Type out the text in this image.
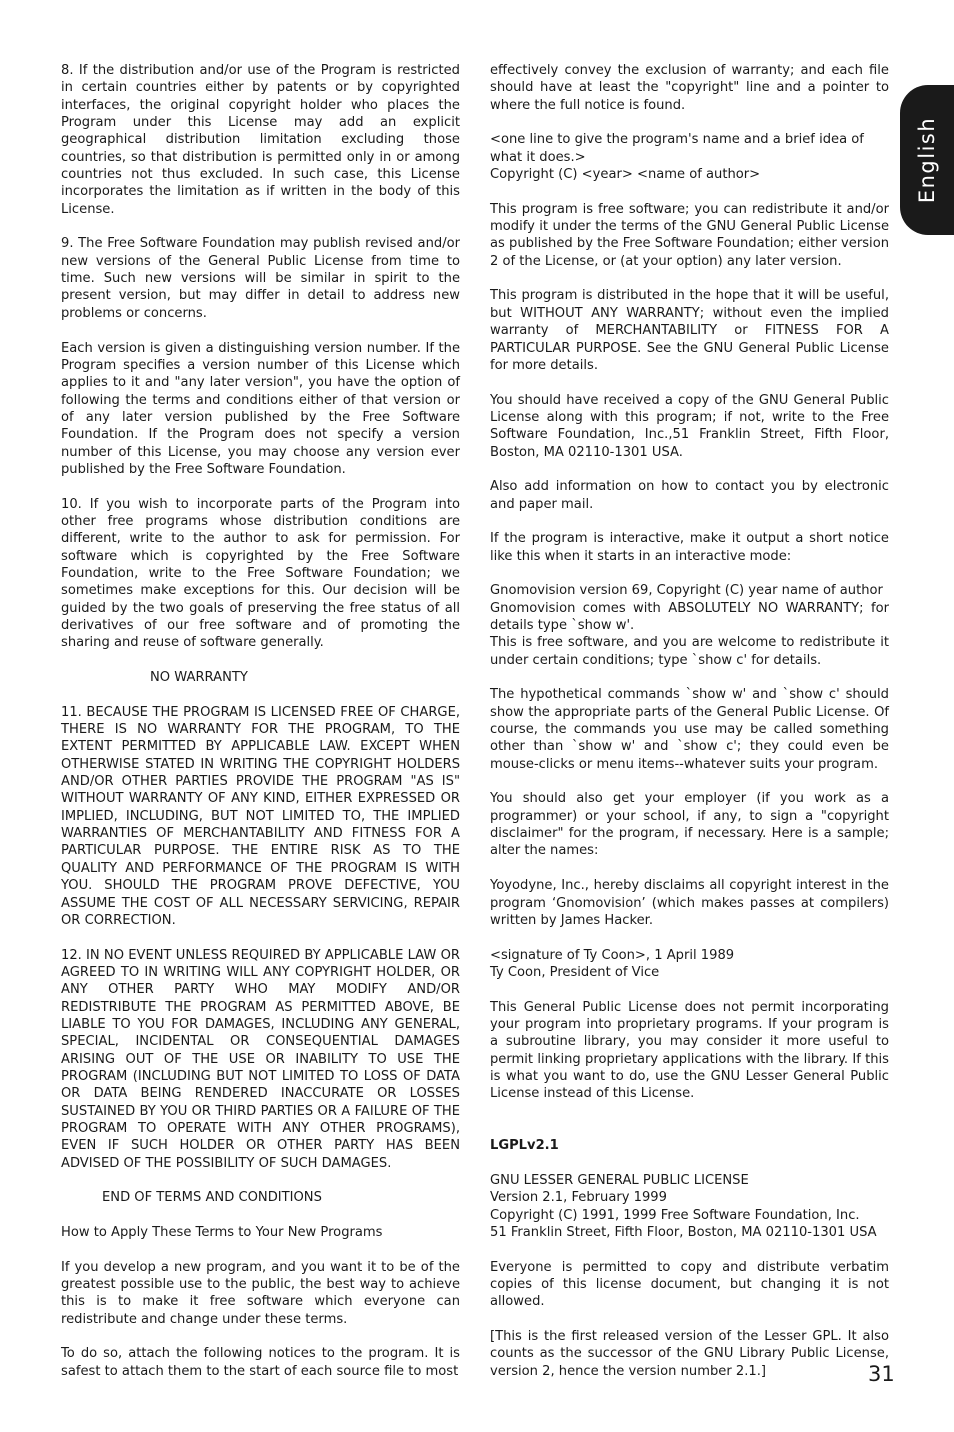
8. If the distribution and/or use of the Program is restricted in certain countries either by patents or by copyrighted interfaces, the original copyright holder who places the Program under this License may add an explicit geographical distribution limitation excluding those countries, so that distribution is permitted only in or among countries not thus excluded. In such case, this License incorporates the limitation as if written in the body of this License.

9. The Free Software Foundation may publish revised and/or new versions of the General Public License from time to time. Such new versions will be similar in spirit to the present version, but may differ in detail to address new problems or concerns.

Each version is given a distinguishing version number. If the Program specifies a version number of this License which applies to it and "any later version", you have the option of following the terms and conditions either of that version or of any later version published by the Free Software Foundation. If the Program does not specify a version number of this License, you may choose any version ever published by the Free Software Foundation.

10. If you wish to incorporate parts of the Program into other free programs whose distribution conditions are different, write to the author to ask for permission. For software which is copyrighted by the Free Software Foundation, write to the Free Software Foundation; we sometimes make exceptions for this. Our decision will be guided by the two goals of preserving the free status of all derivatives of our free software and of promoting the sharing and reuse of software generally.

NO WARRANTY

11. BECAUSE THE PROGRAM IS LICENSED FREE OF CHARGE, THERE IS NO WARRANTY FOR THE PROGRAM, TO THE EXTENT PERMITTED BY APPLICABLE LAW. EXCEPT WHEN OTHERWISE STATED IN WRITING THE COPYRIGHT HOLDERS AND/OR OTHER PARTIES PROVIDE THE PROGRAM "AS IS" WITHOUT WARRANTY OF ANY KIND, EITHER EXPRESSED OR IMPLIED, INCLUDING, BUT NOT LIMITED TO, THE IMPLIED WARRANTIES OF MERCHANTABILITY AND FITNESS FOR A PARTICULAR PURPOSE. THE ENTIRE RISK AS TO THE QUALITY AND PERFORMANCE OF THE PROGRAM IS WITH YOU. SHOULD THE PROGRAM PROVE DEFECTIVE, YOU ASSUME THE COST OF ALL NECESSARY SERVICING, REPAIR OR CORRECTION.

12. IN NO EVENT UNLESS REQUIRED BY APPLICABLE LAW OR AGREED TO IN WRITING WILL ANY COPYRIGHT HOLDER, OR ANY OTHER PARTY WHO MAY MODIFY AND/OR REDISTRIBUTE THE PROGRAM AS PERMITTED ABOVE, BE LIABLE TO YOU FOR DAMAGES, INCLUDING ANY GENERAL, SPECIAL, INCIDENTAL OR CONSEQUENTIAL DAMAGES ARISING OUT OF THE USE OR INABILITY TO USE THE PROGRAM (INCLUDING BUT NOT LIMITED TO LOSS OF DATA OR DATA BEING RENDERED INACCURATE OR LOSSES SUSTAINED BY YOU OR THIRD PARTIES OR A FAILURE OF THE PROGRAM TO OPERATE WITH ANY OTHER PROGRAMS), EVEN IF SUCH HOLDER OR OTHER PARTY HAS BEEN ADVISED OF THE POSSIBILITY OF SUCH DAMAGES.

END OF TERMS AND CONDITIONS

How to Apply These Terms to Your New Programs

If you develop a new program, and you want it to be of the greatest possible use to the public, the best way to achieve this is to make it free software which everyone can redistribute and change under these terms.

To do so, attach the following notices to the program. It is safest to attach them to the start of each source file to most

effectively convey the exclusion of warranty; and each file should have at least the "copyright" line and a pointer to where the full notice is found.

<one line to give the program's name and a brief idea of what it does.>
Copyright (C) <year> <name of author>

This program is free software; you can redistribute it and/or modify it under the terms of the GNU General Public License as published by the Free Software Foundation; either version 2 of the License, or (at your option) any later version.

This program is distributed in the hope that it will be useful, but WITHOUT ANY WARRANTY; without even the implied warranty of MERCHANTABILITY or FITNESS FOR A PARTICULAR PURPOSE. See the GNU General Public License for more details.

You should have received a copy of the GNU General Public License along with this program; if not, write to the Free Software Foundation, Inc.,51 Franklin Street, Fifth Floor, Boston, MA 02110-1301 USA.

Also add information on how to contact you by electronic and paper mail.

If the program is interactive, make it output a short notice like this when it starts in an interactive mode:

Gnomovision version 69, Copyright (C) year name of author
Gnomovision comes with ABSOLUTELY NO WARRANTY; for details type `show w'.
This is free software, and you are welcome to redistribute it under certain conditions; type `show c' for details.

The hypothetical commands `show w' and `show c' should show the appropriate parts of the General Public License. Of course, the commands you use may be called something other than `show w' and `show c'; they could even be mouse-clicks or menu items--whatever suits your program.

You should also get your employer (if you work as a programmer) or your school, if any, to sign a "copyright disclaimer" for the program, if necessary. Here is a sample; alter the names:

Yoyodyne, Inc., hereby disclaims all copyright interest in the program ‘Gnomovision’ (which makes passes at compilers) written by James Hacker.

<signature of Ty Coon>, 1 April 1989
Ty Coon, President of Vice

This General Public License does not permit incorporating your program into proprietary programs. If your program is a subroutine library, you may consider it more useful to permit linking proprietary applications with the library. If this is what you want to do, use the GNU Lesser General Public License instead of this License.

LGPLv2.1

GNU LESSER GENERAL PUBLIC LICENSE
Version 2.1, February 1999
Copyright (C) 1991, 1999 Free Software Foundation, Inc.
51 Franklin Street, Fifth Floor, Boston, MA 02110-1301 USA

Everyone is permitted to copy and distribute verbatim copies of this license document, but changing it is not allowed.

[This is the first released version of the Lesser GPL. It also counts as the successor of the GNU Library Public License, version 2, hence the version number 2.1.]

English
31
